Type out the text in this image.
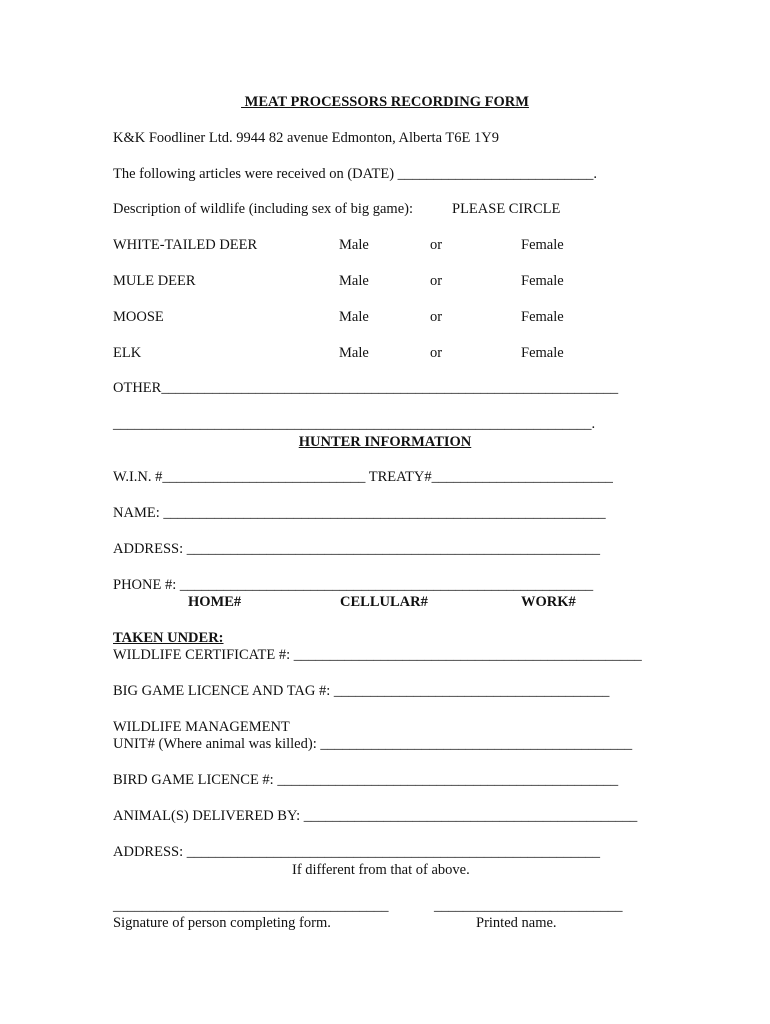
MEAT PROCESSORS RECORDING FORM
K&K Foodliner Ltd. 9944 82 avenue Edmonton, Alberta T6E 1Y9
The following articles were received on (DATE) ___________________________.
Description of wildlife (including sex of big game):	PLEASE CIRCLE
WHITE-TAILED DEER	Male	or	Female
MULE DEER	Male	or	Female
MOOSE	Male	or	Female
ELK	Male	or	Female
OTHER_______________________________________________________________
__________________________________________________________________.
HUNTER INFORMATION
W.I.N. #____________________________ TREATY#_________________________
NAME: _____________________________________________________________
ADDRESS: _________________________________________________________
PHONE #: _________________________________________________________
HOME#	CELLULAR#	WORK#
TAKEN UNDER:
WILDLIFE CERTIFICATE #: ________________________________________________
BIG GAME LICENCE AND TAG #: ______________________________________
WILDLIFE MANAGEMENT
UNIT# (Where animal was killed): ___________________________________________
BIRD GAME LICENCE #: _______________________________________________
ANIMAL(S) DELIVERED BY: ______________________________________________
ADDRESS: _________________________________________________________
If different from that of above.
______________________________________	__________________________
Signature of person completing form.	Printed name.
